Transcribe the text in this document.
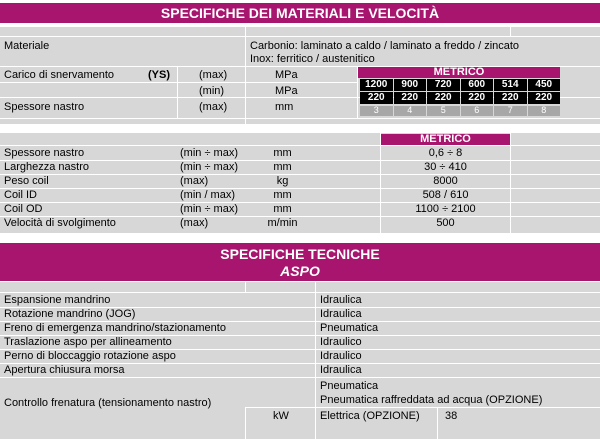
SPECIFICHE DEI MATERIALI E VELOCITÀ
Materiale	Carbonio: laminato a caldo / laminato a freddo / zincato
Inox: ferritico / austenitico
Carico di snervamento	(YS)	(max)	MPa
(min)	MPa
Spessore nastro	(max)	mm
METRICO
1200	900	720	600	514	450
220	220	220	220	220	220
3	4	5	6	7	8
METRICO
Spessore nastro	(min ÷ max)	mm	0,6 ÷ 8
Larghezza nastro	(min ÷ max)	mm	30 ÷ 410
Peso coil	(max)	kg	8000
Coil ID	(min / max)	mm	508 / 610
Coil OD	(min ÷ max)	mm	1100 ÷ 2100
Velocità di svolgimento	(max)	m/min	500
SPECIFICHE TECNICHE
ASPO
Espansione mandrino	Idraulica
Rotazione mandrino (JOG)	Idraulica
Freno di emergenza mandrino/stazionamento	Pneumatica
Traslazione aspo per allineamento	Idraulico
Perno di bloccaggio rotazione aspo	Idraulico
Apertura chiusura morsa	Idraulica
Controllo frenatura (tensionamento nastro)
Pneumatica
Pneumatica raffreddata ad acqua (OPZIONE)
kW	Elettrica (OPZIONE) 38
